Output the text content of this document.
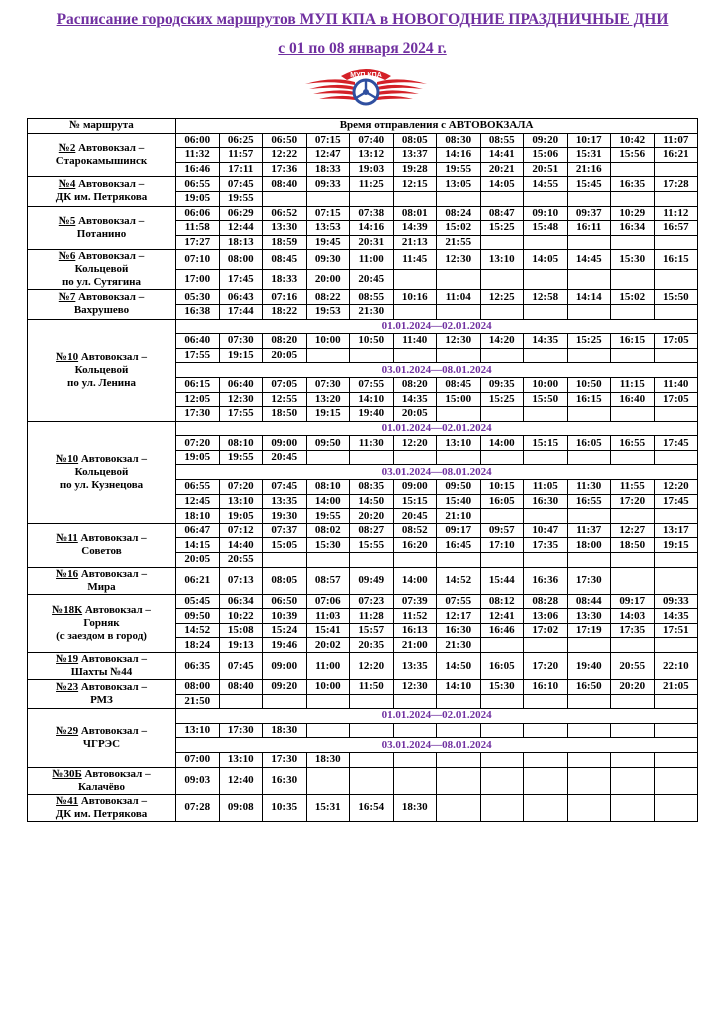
Расписание городских маршрутов МУП КПА в НОВОГОДНИЕ ПРАЗДНИЧНЫЕ ДНИ
с 01 по 08 января 2024 г.
МУП КПА
№ маршрута	Время отправления с АВТОВОКЗАЛА											
№2 Автовокзал –
Старокамышинск	06:00	06:25	06:50	07:15	07:40	08:05	08:30	08:55	09:20	10:17	10:42	11:07
	11:32	11:57	12:22	12:47	13:12	13:37	14:16	14:41	15:06	15:31	15:56	16:21
	16:46	17:11	17:36	18:33	19:03	19:28	19:55	20:21	20:51	21:16		
№4 Автовокзал –
ДК им. Петрякова	06:55	07:45	08:40	09:33	11:25	12:15	13:05	14:05	14:55	15:45	16:35	17:28
	19:05	19:55										
№5 Автовокзал –
Потанино	06:06	06:29	06:52	07:15	07:38	08:01	08:24	08:47	09:10	09:37	10:29	11:12
	11:58	12:44	13:30	13:53	14:16	14:39	15:02	15:25	15:48	16:11	16:34	16:57
	17:27	18:13	18:59	19:45	20:31	21:13	21:55					
№6 Автовокзал –
Кольцевой
по ул. Сутягина	07:10	08:00	08:45	09:30	11:00	11:45	12:30	13:10	14:05	14:45	15:30	16:15
	17:00	17:45	18:33	20:00	20:45							
№7 Автовокзал –
Вахрушево	05:30	06:43	07:16	08:22	08:55	10:16	11:04	12:25	12:58	14:14	15:02	15:50
	16:38	17:44	18:22	19:53	21:30							
№10 Автовокзал –
Кольцевой
по ул. Ленина	01.01.2024—02.01.2024											
	06:40	07:30	08:20	10:00	10:50	11:40	12:30	14:20	14:35	15:25	16:15	17:05
	17:55	19:15	20:05									
	03.01.2024—08.01.2024											
	06:15	06:40	07:05	07:30	07:55	08:20	08:45	09:35	10:00	10:50	11:15	11:40
	12:05	12:30	12:55	13:20	14:10	14:35	15:00	15:25	15:50	16:15	16:40	17:05
	17:30	17:55	18:50	19:15	19:40	20:05						
№10 Автовокзал –
Кольцевой
по ул. Кузнецова	01.01.2024—02.01.2024											
	07:20	08:10	09:00	09:50	11:30	12:20	13:10	14:00	15:15	16:05	16:55	17:45
	19:05	19:55	20:45									
	03.01.2024—08.01.2024											
	06:55	07:20	07:45	08:10	08:35	09:00	09:50	10:15	11:05	11:30	11:55	12:20
	12:45	13:10	13:35	14:00	14:50	15:15	15:40	16:05	16:30	16:55	17:20	17:45
	18:10	19:05	19:30	19:55	20:20	20:45	21:10					
№11 Автовокзал –
Советов	06:47	07:12	07:37	08:02	08:27	08:52	09:17	09:57	10:47	11:37	12:27	13:17
	14:15	14:40	15:05	15:30	15:55	16:20	16:45	17:10	17:35	18:00	18:50	19:15
	20:05	20:55										
№16 Автовокзал –
Мира	06:21	07:13	08:05	08:57	09:49	14:00	14:52	15:44	16:36	17:30		
№18К Автовокзал –
Горняк
(с заездом в город)	05:45	06:34	06:50	07:06	07:23	07:39	07:55	08:12	08:28	08:44	09:17	09:33
	09:50	10:22	10:39	11:03	11:28	11:52	12:17	12:41	13:06	13:30	14:03	14:35
	14:52	15:08	15:24	15:41	15:57	16:13	16:30	16:46	17:02	17:19	17:35	17:51
	18:24	19:13	19:46	20:02	20:35	21:00	21:30					
№19 Автовокзал –
Шахты №44	06:35	07:45	09:00	11:00	12:20	13:35	14:50	16:05	17:20	19:40	20:55	22:10
№23 Автовокзал –
РМЗ	08:00	08:40	09:20	10:00	11:50	12:30	14:10	15:30	16:10	16:50	20:20	21:05
	21:50											
№29 Автовокзал –
ЧГРЭС	01.01.2024—02.01.2024											
	13:10	17:30	18:30									
	03.01.2024—08.01.2024											
	07:00	13:10	17:30	18:30								
№30Б Автовокзал –
Калачёво	09:03	12:40	16:30									
№41 Автовокзал –
ДК им. Петрякова	07:28	09:08	10:35	15:31	16:54	18:30						
